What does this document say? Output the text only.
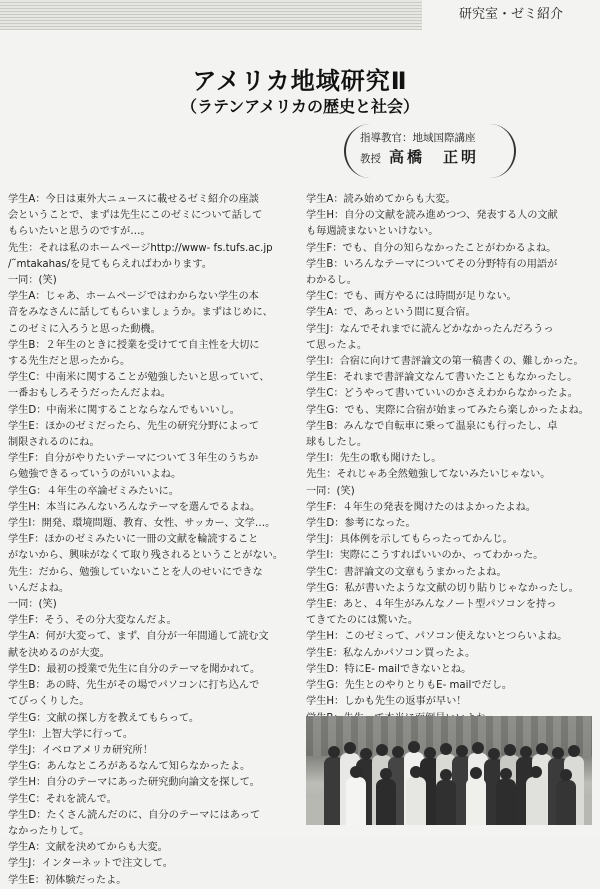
研究室・ゼミ紹介
アメリカ地域研究Ⅱ
（ラテンアメリカの歴史と社会）
指導教官：地域国際講座
教授 高橋　正明
学生A：今日は東外大ニュースに載せるゼミ紹介の座談
会ということで、まずは先生にこのゼミについて話して
もらいたいと思うのですが…。
先生：それは私のホームページhttp://www- fs.tufs.ac.jp
/˜mtakahas/を見てもらえればわかります。
一同：(笑)
学生A：じゃあ、ホームページではわからない学生の本
音をみなさんに話してもらいましょうか。まずはじめに、
このゼミに入ろうと思った動機。
学生B：２年生のときに授業を受けてて自主性を大切に
する先生だと思ったから。
学生C：中南米に関することが勉強したいと思っていて、
一番おもしろそうだったんだよね。
学生D：中南米に関することならなんでもいいし。
学生E：ほかのゼミだったら、先生の研究分野によって
制限されるのにね。
学生F：自分がやりたいテーマについて３年生のうちか
ら勉強できるっていうのがいいよね。
学生G：４年生の卒論ゼミみたいに。
学生H：本当にみんないろんなテーマを選んでるよね。
学生I：開発、環境問題、教育、女性、サッカー、文学…。
学生F：ほかのゼミみたいに一冊の文献を輪読すること
がないから、興味がなくて取り残されるということがない。
先生：だから、勉強していないことを人のせいにできな
いんだよね。
一同：(笑)
学生F：そう、その分大変なんだよ。
学生A：何が大変って、まず、自分が一年間通して読む文
献を決めるのが大変。
学生D：最初の授業で先生に自分のテーマを聞かれて。
学生B：あの時、先生がその場でパソコンに打ち込んで
てびっくりした。
学生G：文献の探し方を教えてもらって。
学生I：上智大学に行って。
学生J：イベロアメリカ研究所！
学生G：あんなところがあるなんて知らなかったよ。
学生H：自分のテーマにあった研究動向論文を探して。
学生C：それを読んで。
学生D：たくさん読んだのに、自分のテーマにはあって
なかったりして。
学生A：文献を決めてからも大変。
学生J：インターネットで注文して。
学生E：初体験だったよ。
学生A：読み始めてからも大変。
学生H：自分の文献を読み進めつつ、発表する人の文献
も毎週読まないといけない。
学生F：でも、自分の知らなかったことがわかるよね。
学生B：いろんなテーマについてその分野特有の用語が
わかるし。
学生C：でも、両方やるには時間が足りない。
学生A：で、あっという間に夏合宿。
学生J：なんでそれまでに読んどかなかったんだろうっ
て思ったよ。
学生I：合宿に向けて書評論文の第一稿書くの、難しかった。
学生E：それまで書評論文なんて書いたこともなかったし。
学生C：どうやって書いていいのかさえわからなかったよ。
学生G：でも、実際に合宿が始まってみたら楽しかったよね。
学生B：みんなで自転車に乗って温泉にも行ったし、卓
球もしたし。
学生I：先生の歌も聞けたし。
先生：それじゃあ全然勉強してないみたいじゃない。
一同：(笑)
学生F：４年生の発表を聞けたのはよかったよね。
学生D：参考になった。
学生J：具体例を示してもらったってかんじ。
学生I：実際にこうすればいいのか、ってわかった。
学生C：書評論文の文章もうまかったよね。
学生G：私が書いたような文献の切り貼りじゃなかったし。
学生E：あと、４年生がみんなノート型パソコンを持っ
てきてたのには驚いた。
学生H：このゼミって、パソコン使えないとつらいよね。
学生E：私なんかパソコン買ったよ。
学生D：特にE- mailできないとね。
学生G：先生とのやりとりもE- mailでだし。
学生H：しかも先生の返事が早い！
